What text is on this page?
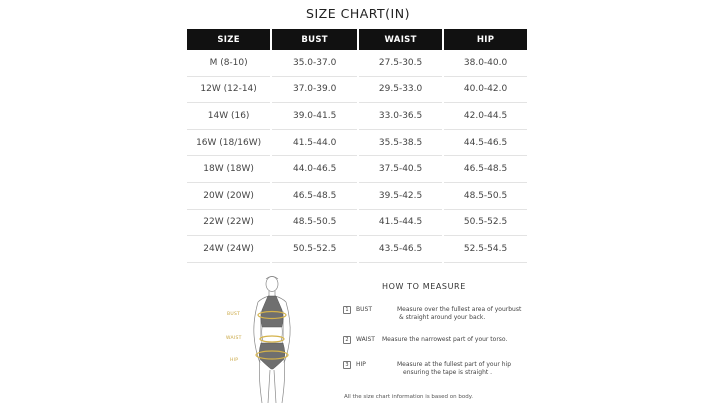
SIZE CHART(IN)
SIZE	BUST	WAIST	HIP
M (8-10)	35.0-37.0	27.5-30.5	38.0-40.0
12W (12-14)	37.0-39.0	29.5-33.0	40.0-42.0
14W (16)	39.0-41.5	33.0-36.5	42.0-44.5
16W (18/16W)	41.5-44.0	35.5-38.5	44.5-46.5
18W (18W)	44.0-46.5	37.5-40.5	46.5-48.5
20W (20W)	46.5-48.5	39.5-42.5	48.5-50.5
22W (22W)	48.5-50.5	41.5-44.5	50.5-52.5
24W (24W)	50.5-52.5	43.5-46.5	52.5-54.5
BUST
WAIST
HIP
HOW TO MEASURE
1	BUST	Measure over the fullest area of yourbust
& straight around your back.
2	WAIST Measure the narrowest part of your torso.
3	HIP	Measure at the fullest part of your hip
ensuring the tape is straight .
All the size chart information is based on body.
